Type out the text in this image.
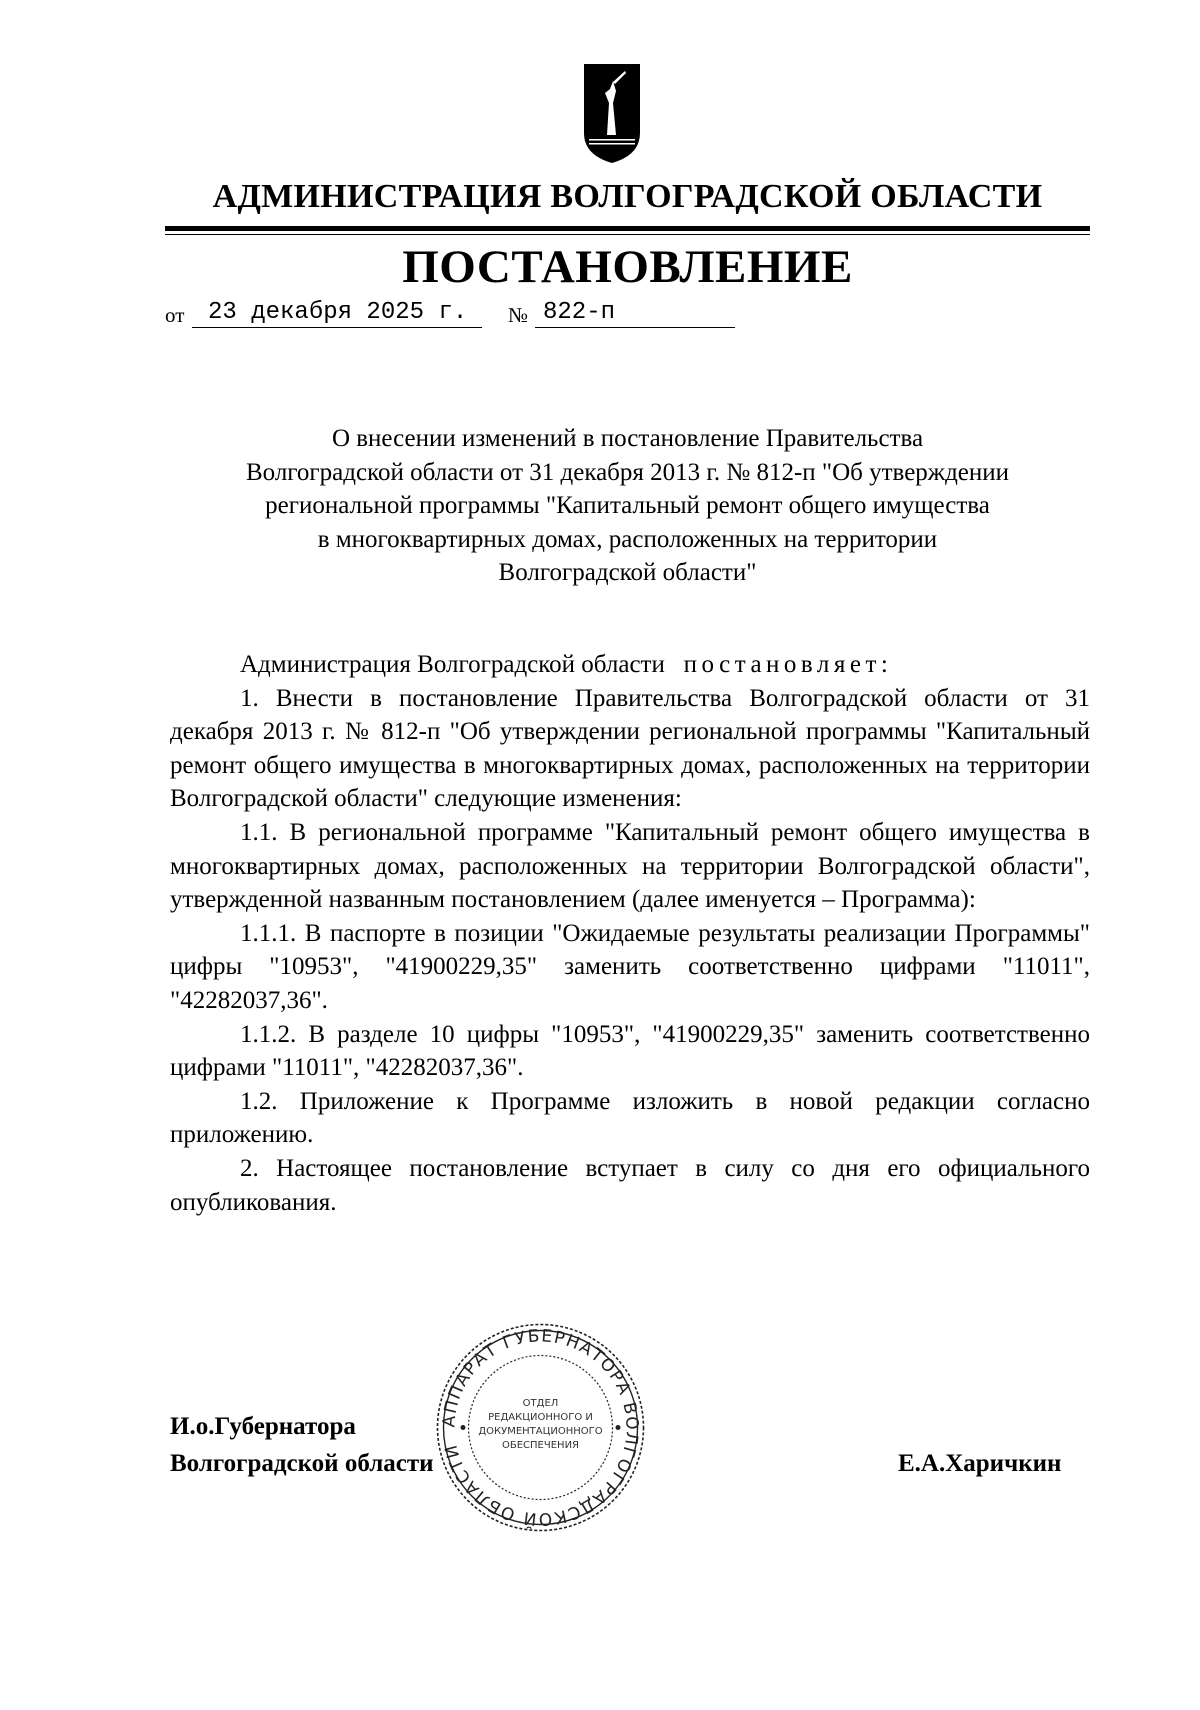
АДМИНИСТРАЦИЯ ВОЛГОГРАДСКОЙ ОБЛАСТИ
ПОСТАНОВЛЕНИЕ
от 23 декабря 2025 г.	№ 822-п
О внесении изменений в постановление Правительства
Волгоградской области от 31 декабря 2013 г. № 812-п "Об утверждении
региональной программы "Капитальный ремонт общего имущества
в многоквартирных домах, расположенных на территории
Волгоградской области"

Администрация Волгоградской области постановляет:

1. Внести в постановление Правительства Волгоградской области от 31 декабря 2013 г. № 812-п "Об утверждении региональной программы "Капитальный ремонт общего имущества в многоквартирных домах, расположенных на территории Волгоградской области" следующие изменения:

1.1. В региональной программе "Капитальный ремонт общего имущества в многоквартирных домах, расположенных на территории Волгоградской области", утвержденной названным постановлением (далее именуется – Программа):

1.1.1. В паспорте в позиции "Ожидаемые результаты реализации Программы" цифры "10953", "41900229,35" заменить соответственно цифрами "11011", "42282037,36".

1.1.2. В разделе 10 цифры "10953", "41900229,35" заменить соответственно цифрами "11011", "42282037,36".

1.2. Приложение к Программе изложить в новой редакции согласно приложению.

2. Настоящее постановление вступает в силу со дня его официального опубликования.

И.о.Губернатора
Волгоградской области	Е.А.Харичкин
АППАРАТ ГУБЕРНАТОРА ВОЛГОГРАДСКОЙ ОБЛАСТИ
ОТДЕЛ
РЕДАКЦИОННОГО И
ДОКУМЕНТАЦИОННОГО
ОБЕСПЕЧЕНИЯ
